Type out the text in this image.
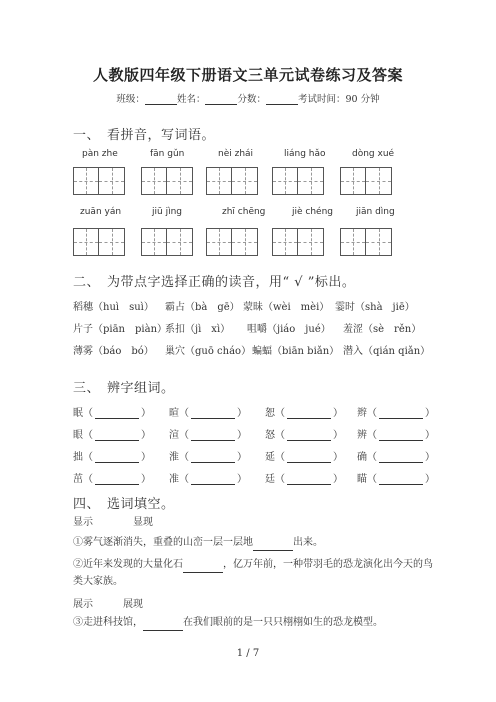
人教版四年级下册语文三单元试卷练习及答案
班级：	姓名：	分数：	考试时间：90 分钟
一、　看拼音，写词语。
pàn zhe	fān gǔn	nèi zhái	liáng hǎo	dòng xué
zuān yán	jiū jìng	zhī chēng	jiè chéng	jiān dìng
二、　为带点字选择正确的读音，用“ √ ”标出。
稻穗（huì　suì） 霸占（bà　gē） 蒙昧（wèi　mèi） 霎时（shà　jiē）
片子（piān　piàn）
系扣（jì　xì） 咀嚼（jiáo　jué） 羞涩（sè　rěn）
薄雾（báo　bó） 巢穴（guō cháo） 蝙蝠（biān biǎn） 潜入（qián qiǎn）
三、　辨字组词。
眠（	） 暄（	） 恕（	） 辫（	）
眼（	） 渲（	） 怒（	） 辨（	）
拙（	） 淮（	） 延（	） 确（	）
茁（	） 准（	） 廷（	） 瞄（	）
四、　选词填空。
显示　　　　显现
①雾气逐渐消失，重叠的山峦一层一层地	出来。
②近年来发现的大量化石	，亿万年前，一种带羽毛的恐龙演化出今天的鸟类大家族。
展示　　　展现
③走进科技馆，	在我们眼前的是一只只栩栩如生的恐龙模型。
1 / 7
